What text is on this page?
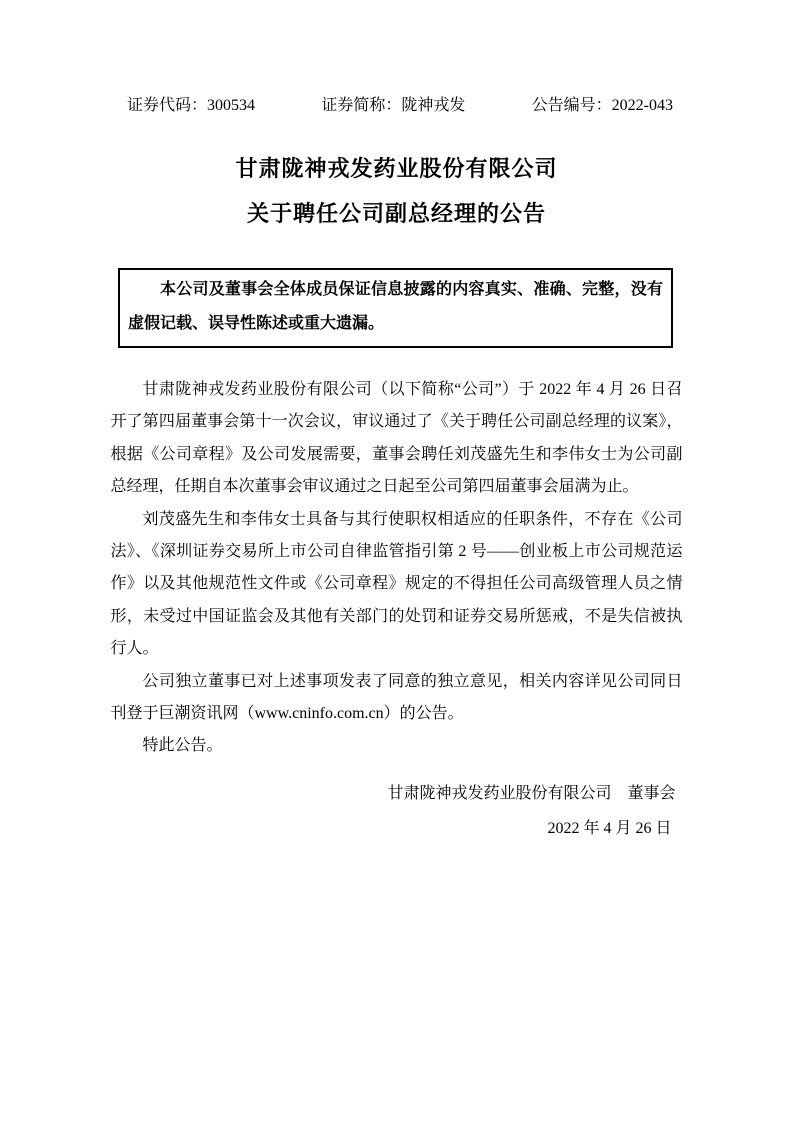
证券代码：300534	证券简称：陇神戎发	公告编号：2022-043
甘肃陇神戎发药业股份有限公司
关于聘任公司副总经理的公告

本公司及董事会全体成员保证信息披露的内容真实、准确、完整，没有虚假记载、误导性陈述或重大遗漏。

甘肃陇神戎发药业股份有限公司（以下简称“公司”）于 2022 年 4 月 26 日召开了第四届董事会第十一次会议，审议通过了《关于聘任公司副总经理的议案》，根据《公司章程》及公司发展需要，董事会聘任刘茂盛先生和李伟女士为公司副总经理，任期自本次董事会审议通过之日起至公司第四届董事会届满为止。

刘茂盛先生和李伟女士具备与其行使职权相适应的任职条件，不存在《公司法》、《深圳证券交易所上市公司自律监管指引第 2 号——创业板上市公司规范运作》以及其他规范性文件或《公司章程》规定的不得担任公司高级管理人员之情形，未受过中国证监会及其他有关部门的处罚和证券交易所惩戒，不是失信被执行人。

公司独立董事已对上述事项发表了同意的独立意见，相关内容详见公司同日刊登于巨潮资讯网（www.cninfo.com.cn）的公告。

特此公告。

甘肃陇神戎发药业股份有限公司　董事会

2022 年 4 月 26 日
